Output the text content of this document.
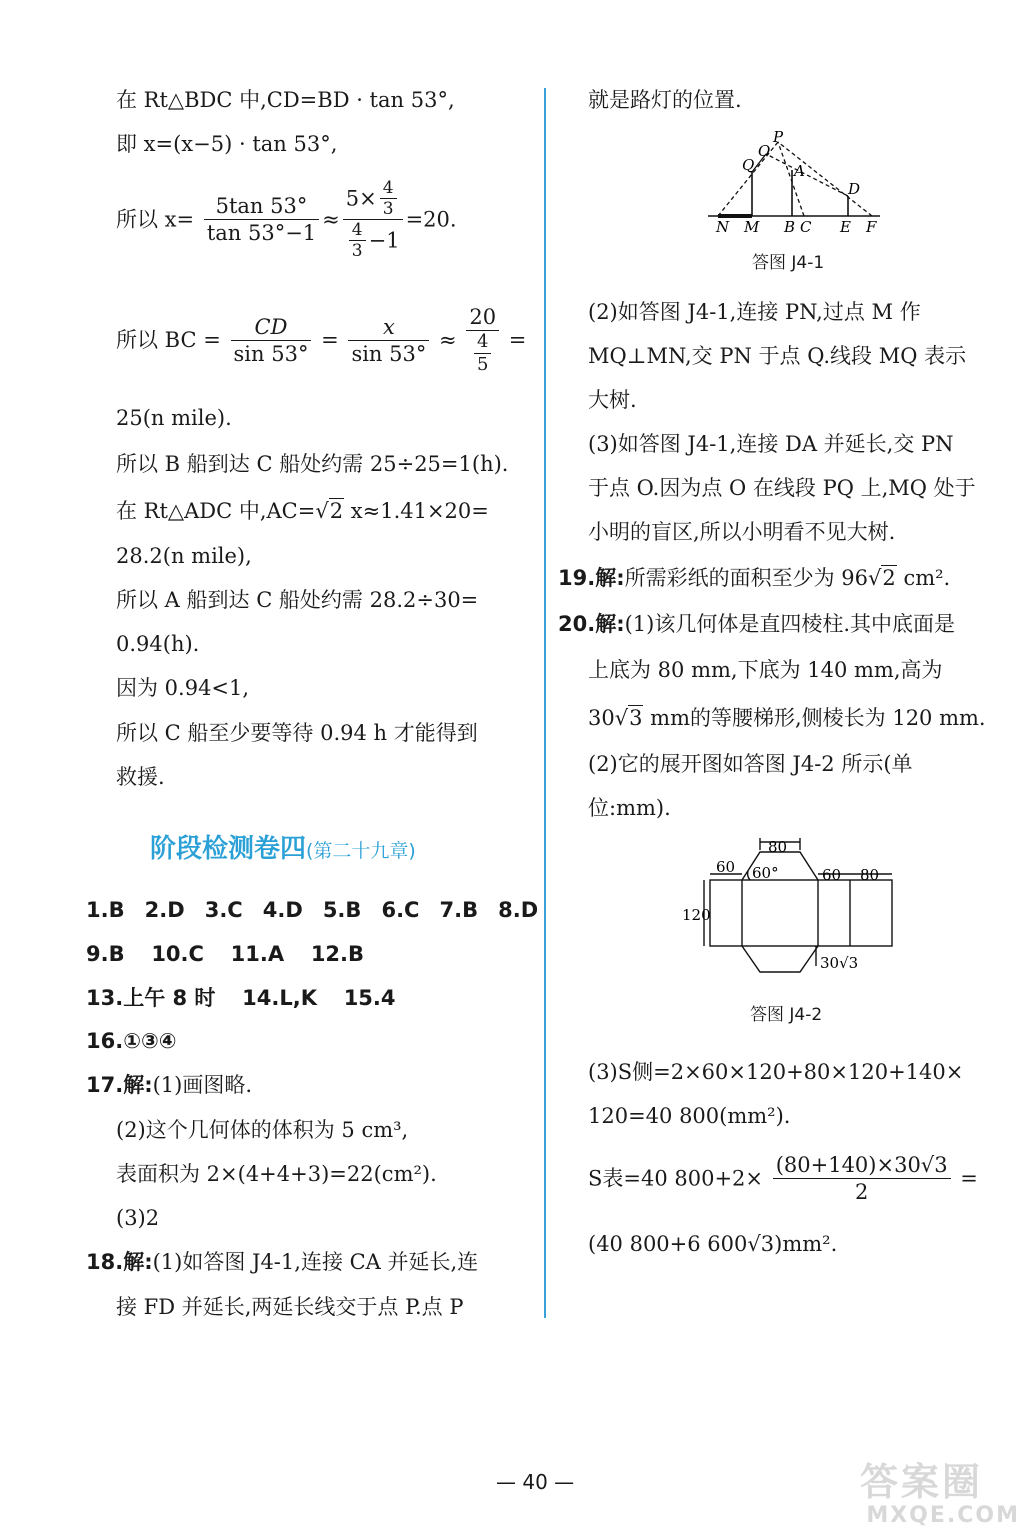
在 Rt△BDC 中,CD=BD · tan 53°,
即 x=(x−5) · tan 53°,
所以 $x= \frac{5\tan 53^\circ}{\tan 53^\circ-1} \approx \frac{5\times \frac{4}{3}}{\frac{4}{3} -1} =20$.
所以 BC = $\frac{CD}{\sin 53^\circ} = \frac{x}{\sin 53^\circ} \approx \frac{20}{\frac{4}{5}}$ =
25(n mile).
所以 B 船到达 C 船处约需 25÷25=1(h).
在 Rt△ADC 中,AC=√2 x≈1.41×20=
28.2(n mile),
所以 A 船到达 C 船处约需 28.2÷30=
0.94(h).
因为 0.94<1,
所以 C 船至少要等待 0.94 h 才能得到
救援.
阶段检测卷四(第二十九章)
1.B 2.D 3.C 4.D 5.B 6.C 7.B 8.D
9.B 10.C 11.A 12.B
13.上午 8 时 14.L,K 15.4
16.①③④
17.解:(1)画图略.
(2)这个几何体的体积为 5 cm³,
表面积为 2×(4+4+3)=22(cm²).
(3)2
18.解:(1)如答图 J4-1,连接 CA 并延长,连
接 FD 并延长,两延长线交于点 P.点 P
就是路灯的位置.
P
Q
O
A
D
N M B C E F
答图 J4-1
(2)如答图 J4-1,连接 PN,过点 M 作
MQ⊥MN,交 PN 于点 Q.线段 MQ 表示
大树.
(3)如答图 J4-1,连接 DA 并延长,交 PN
于点 O.因为点 O 在线段 PQ 上,MQ 处于
小明的盲区,所以小明看不见大树.
19.解:所需彩纸的面积至少为 96√2 cm².
20.解:(1)该几何体是直四棱柱.其中底面是
上底为 80 mm,下底为 140 mm,高为
30√3 mm的等腰梯形,侧棱长为 120 mm.
(2)它的展开图如答图 J4-2 所示(单
位:mm).
80
60 60°	60 80
120
30√3
答图 J4-2
(3)S侧=2×60×120+80×120+140×
120=40 800(mm²).
S表=40 $800+2\times \frac{(80+140)\times 30√3}{2}$ =
(40 800+6 600√3)mm².
— 40 —	答案圈
MXQE.COM
